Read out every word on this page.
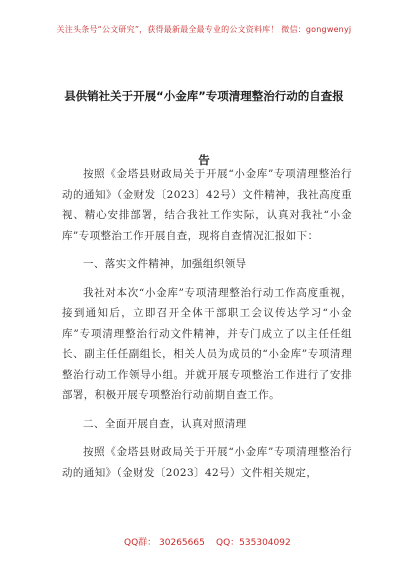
关注头条号“公文研究”，获得最新最全最专业的公文资料库！ 微信：gongwenyj
县供销社关于开展“小金库”专项清理整治行动的自查报
告

按照《金塔县财政局关于开展“小金库”专项清理整治行动的通知》（金财发〔2023〕42号）文件精神，我社高度重视、精心安排部署，结合我社工作实际，认真对我社“小金库”专项整治工作开展自查，现将自查情况汇报如下：

一、落实文件精神，加强组织领导

我社对本次“小金库”专项清理整治行动工作高度重视，接到通知后，立即召开全体干部职工会议传达学习“小金库”专项清理整治行动文件精神，并专门成立了以主任任组长、副主任任副组长，相关人员为成员的“小金库”专项清理整治行动工作领导小组。并就开展专项整治工作进行了安排部署，积极开展专项整治行动前期自查工作。

二、全面开展自查，认真对照清理

按照《金塔县财政局关于开展“小金库”专项清理整治行动的通知》（金财发〔2023〕42号）文件相关规定，

QQ群： 30265665 QQ：535304092
